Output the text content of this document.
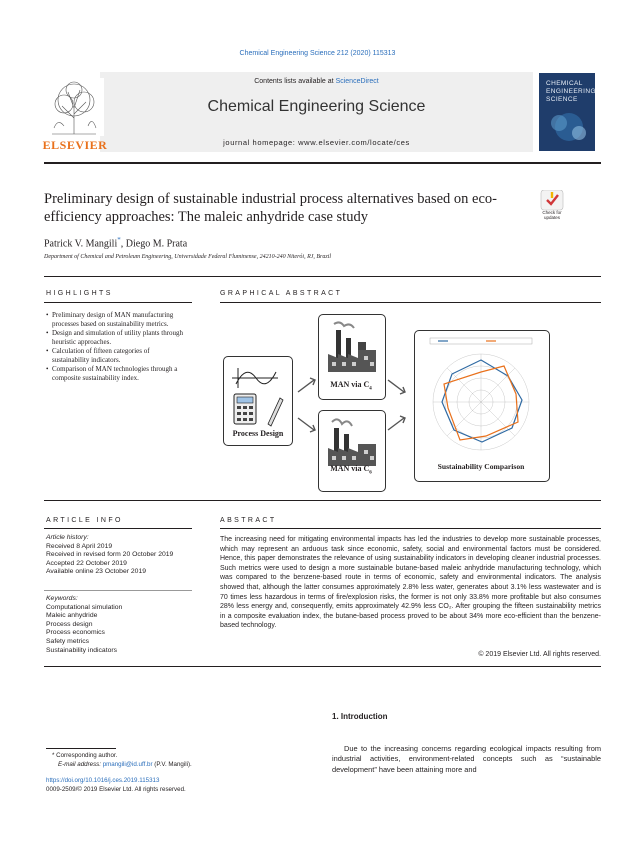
Chemical Engineering Science 212 (2020) 115313
Contents lists available at ScienceDirect
Chemical Engineering Science
journal homepage: www.elsevier.com/locate/ces
ELSEVIER
CHEMICAL ENGINEERING SCIENCE
Preliminary design of sustainable industrial process alternatives based on eco-efficiency approaches: The maleic anhydride case study	Check for updates
Patrick V. Mangili*, Diego M. Prata
Department of Chemical and Petroleum Engineering, Universidade Federal Fluminense, 24210-240 Niterói, RJ, Brazil
HIGHLIGHTS
• Preliminary design of MAN manufacturing processes based on sustainability metrics.
• Design and simulation of utility plants through heuristic approaches.
• Calculation of fifteen categories of sustainability indicators.
• Comparison of MAN technologies through a composite sustainability index.
GRAPHICAL ABSTRACT
Process Design
MAN via $C_4$
MAN via $C_6$
Sustainability Comparison
ARTICLE INFO
Article history:
Received 8 April 2019
Received in revised form 20 October 2019
Accepted 22 October 2019
Available online 23 October 2019
Keywords:
Computational simulation
Maleic anhydride
Process design
Process economics
Safety metrics
Sustainability indicators
ABSTRACT
The increasing need for mitigating environmental impacts has led the industries to develop more sustainable processes, which may represent an arduous task since economic, safety, social and environmental factors must be considered. Hence, this paper demonstrates the relevance of using sustainability indicators in developing cleaner industrial processes. Such metrics were used to design a more sustainable butane-based maleic anhydride manufacturing technology, which was compared to the benzene-based route in terms of economic, safety and environmental indicators. The analysis showed that, although the latter consumes approximately 2.8% less water, generates about 3.1% less wastewater and is 70 times less hazardous in terms of fire/explosion risks, the former is not only 33.8% more profitable but also consumes 28% less energy and, consequently, emits approximately 42.9% less CO₂. After grouping the fifteen sustainability metrics in a composite evaluation index, the butane-based process proved to be about 34% more eco-efficient than the benzene-based technology.
© 2019 Elsevier Ltd. All rights reserved.
1. Introduction
Due to the increasing concerns regarding ecological impacts resulting from industrial activities, environment-related concepts such as “sustainable development” have been attaining more and
* Corresponding author.
E-mail address: pmangili@id.uff.br (P.V. Mangili).
https://doi.org/10.1016/j.ces.2019.115313
0009-2509/© 2019 Elsevier Ltd. All rights reserved.
